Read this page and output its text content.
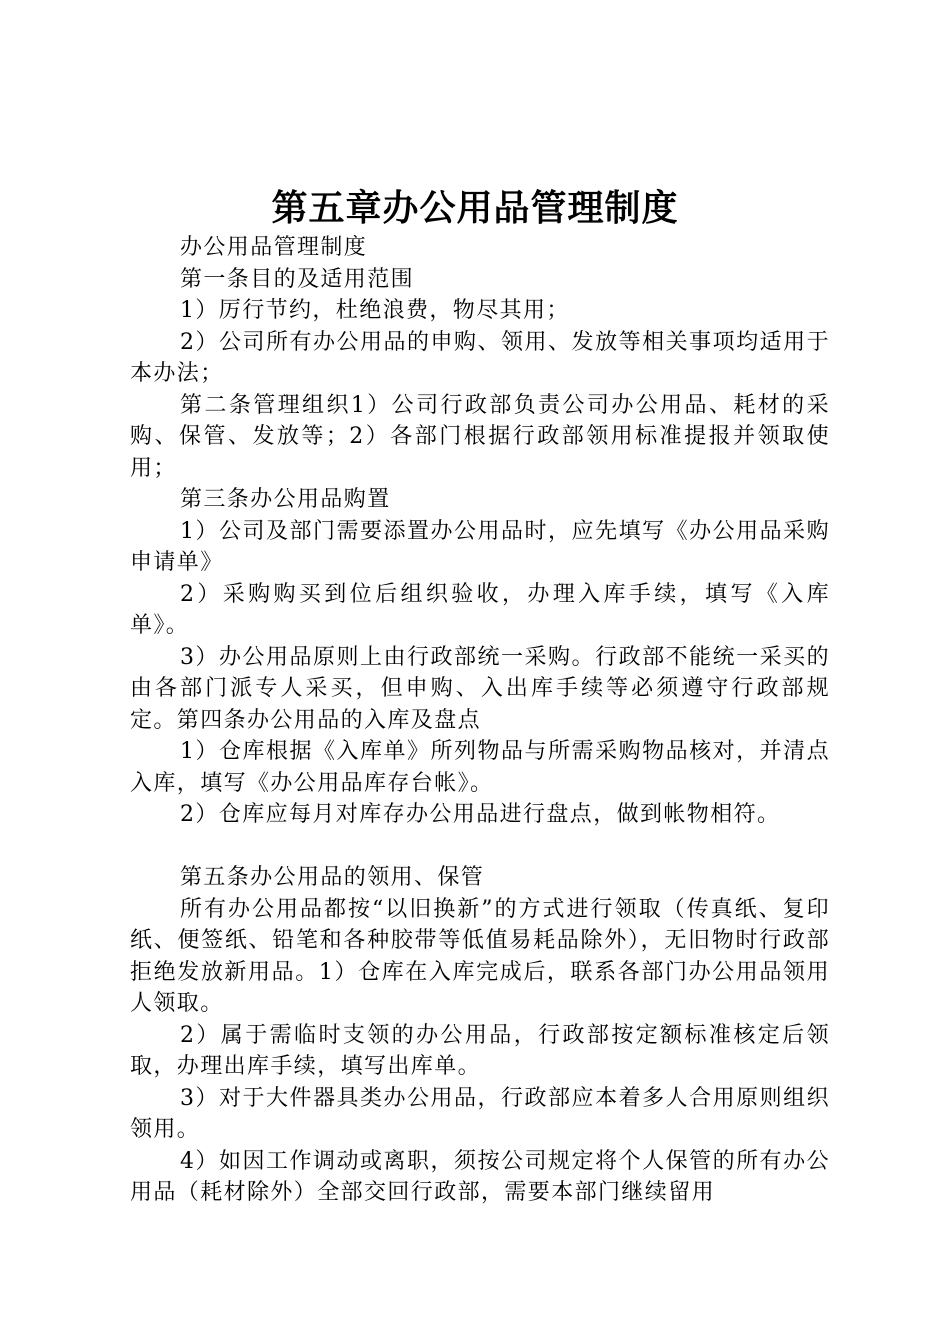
第五章办公用品管理制度

办公用品管理制度

第一条目的及适用范围

1）厉行节约，杜绝浪费，物尽其用；

2）公司所有办公用品的申购、领用、发放等相关事项均适用于本办法；

第二条管理组织1）公司行政部负责公司办公用品、耗材的采购、保管、发放等；2）各部门根据行政部领用标准提报并领取使用；

第三条办公用品购置

1）公司及部门需要添置办公用品时，应先填写《办公用品采购申请单》

2）采购购买到位后组织验收，办理入库手续，填写《入库单》。

3）办公用品原则上由行政部统一采购。行政部不能统一采买的由各部门派专人采买，但申购、入出库手续等必须遵守行政部规定。第四条办公用品的入库及盘点

1）仓库根据《入库单》所列物品与所需采购物品核对，并清点入库，填写《办公用品库存台帐》。

2）仓库应每月对库存办公用品进行盘点，做到帐物相符。

第五条办公用品的领用、保管

所有办公用品都按“以旧换新”的方式进行领取（传真纸、复印纸、便签纸、铅笔和各种胶带等低值易耗品除外），无旧物时行政部拒绝发放新用品。1）仓库在入库完成后，联系各部门办公用品领用人领取。

2）属于需临时支领的办公用品，行政部按定额标准核定后领取，办理出库手续，填写出库单。

3）对于大件器具类办公用品，行政部应本着多人合用原则组织领用。

4）如因工作调动或离职，须按公司规定将个人保管的所有办公用品（耗材除外）全部交回行政部，需要本部门继续留用
